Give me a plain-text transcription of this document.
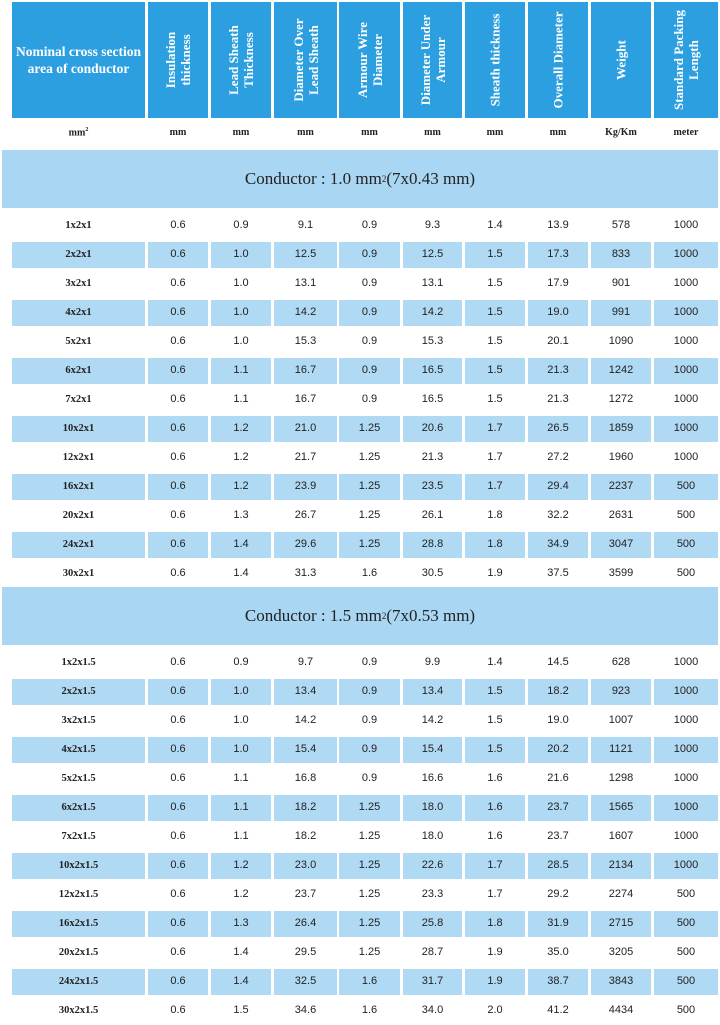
Nominal cross section area of conductor	Insulation thickness	Lead Sheath Thickness	Diameter Over Lead Sheath	Armour Wire Diameter	Diameter Under Armour	Sheath thickness	Overall Diameter	Weight	Standard Packing Length
$mm^2$	mm	mm	mm	mm	mm	mm	mm	Kg/Km	meter
Conductor : 1.0 mm 2 (7x0.43 mm)
1x2x1	0.6	0.9	9.1	0.9	9.3	1.4	13.9	578	1000
2x2x1	0.6	1.0	12.5	0.9	12.5	1.5	17.3	833	1000
3x2x1	0.6	1.0	13.1	0.9	13.1	1.5	17.9	901	1000
4x2x1	0.6	1.0	14.2	0.9	14.2	1.5	19.0	991	1000
5x2x1	0.6	1.0	15.3	0.9	15.3	1.5	20.1	1090	1000
6x2x1	0.6	1.1	16.7	0.9	16.5	1.5	21.3	1242	1000
7x2x1	0.6	1.1	16.7	0.9	16.5	1.5	21.3	1272	1000
10x2x1	0.6	1.2	21.0	1.25	20.6	1.7	26.5	1859	1000
12x2x1	0.6	1.2	21.7	1.25	21.3	1.7	27.2	1960	1000
16x2x1	0.6	1.2	23.9	1.25	23.5	1.7	29.4	2237	500
20x2x1	0.6	1.3	26.7	1.25	26.1	1.8	32.2	2631	500
24x2x1	0.6	1.4	29.6	1.25	28.8	1.8	34.9	3047	500
30x2x1	0.6	1.4	31.3	1.6	30.5	1.9	37.5	3599	500
Conductor : 1.5 mm 2 (7x0.53 mm)
1x2x1.5	0.6	0.9	9.7	0.9	9.9	1.4	14.5	628	1000
2x2x1.5	0.6	1.0	13.4	0.9	13.4	1.5	18.2	923	1000
3x2x1.5	0.6	1.0	14.2	0.9	14.2	1.5	19.0	1007	1000
4x2x1.5	0.6	1.0	15.4	0.9	15.4	1.5	20.2	1121	1000
5x2x1.5	0.6	1.1	16.8	0.9	16.6	1.6	21.6	1298	1000
6x2x1.5	0.6	1.1	18.2	1.25	18.0	1.6	23.7	1565	1000
7x2x1.5	0.6	1.1	18.2	1.25	18.0	1.6	23.7	1607	1000
10x2x1.5	0.6	1.2	23.0	1.25	22.6	1.7	28.5	2134	1000
12x2x1.5	0.6	1.2	23.7	1.25	23.3	1.7	29.2	2274	500
16x2x1.5	0.6	1.3	26.4	1.25	25.8	1.8	31.9	2715	500
20x2x1.5	0.6	1.4	29.5	1.25	28.7	1.9	35.0	3205	500
24x2x1.5	0.6	1.4	32.5	1.6	31.7	1.9	38.7	3843	500
30x2x1.5	0.6	1.5	34.6	1.6	34.0	2.0	41.2	4434	500
